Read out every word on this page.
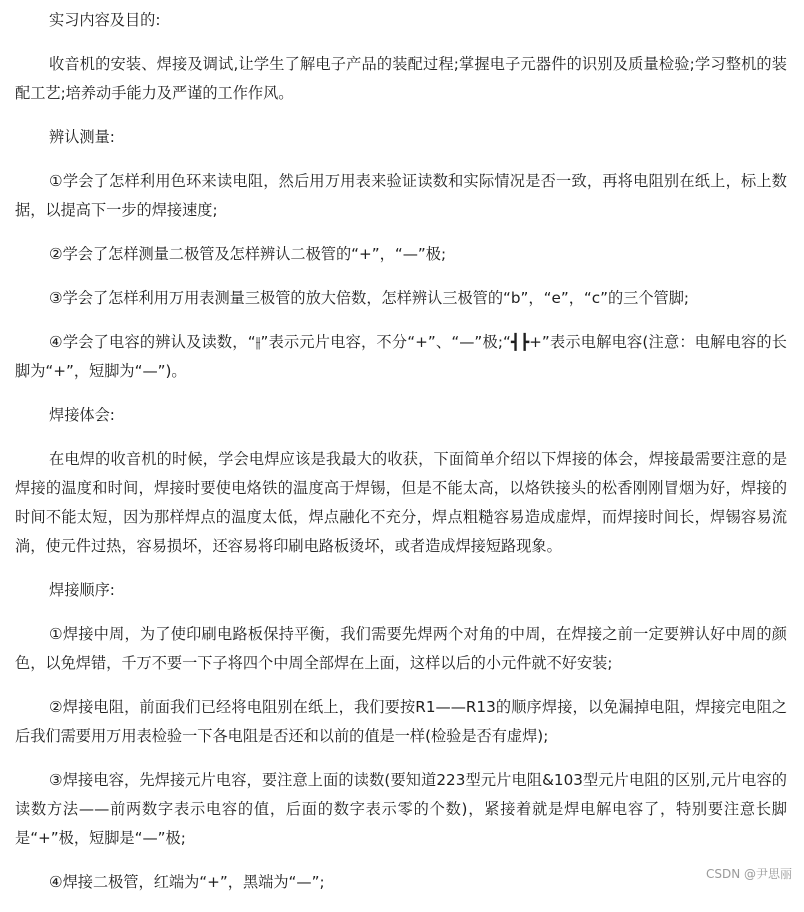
实习内容及目的:

收音机的安装、焊接及调试,让学生了解电子产品的装配过程;掌握电子元器件的识别及质量检验;学习整机的装配工艺;培养动手能力及严谨的工作作风。

辨认测量:

①学会了怎样利用色环来读电阻，然后用万用表来验证读数和实际情况是否一致，再将电阻别在纸上，标上数据，以提高下一步的焊接速度;

②学会了怎样测量二极管及怎样辨认二极管的“+”，“—”极;

③学会了怎样利用万用表测量三极管的放大倍数，怎样辨认三极管的“b”，“e”，“c”的三个管脚;

④学会了电容的辨认及读数，“⫲”表示元片电容，不分“+”、“—”极;“┫┣+”表示电解电容(注意：电解电容的长脚为“+”，短脚为“—”)。

焊接体会:

在电焊的收音机的时候，学会电焊应该是我最大的收获，下面简单介绍以下焊接的体会，焊接最需要注意的是焊接的温度和时间，焊接时要使电烙铁的温度高于焊锡，但是不能太高，以烙铁接头的松香刚刚冒烟为好，焊接的时间不能太短，因为那样焊点的温度太低，焊点融化不充分，焊点粗糙容易造成虚焊，而焊接时间长，焊锡容易流淌，使元件过热，容易损坏，还容易将印刷电路板烫坏，或者造成焊接短路现象。

焊接顺序:

①焊接中周，为了使印刷电路板保持平衡，我们需要先焊两个对角的中周，在焊接之前一定要辨认好中周的颜色，以免焊错，千万不要一下子将四个中周全部焊在上面，这样以后的小元件就不好安装;

②焊接电阻，前面我们已经将电阻别在纸上，我们要按R1——R13的顺序焊接，以免漏掉电阻，焊接完电阻之后我们需要用万用表检验一下各电阻是否还和以前的值是一样(检验是否有虚焊);

③焊接电容，先焊接元片电容，要注意上面的读数(要知道223型元片电阻&103型元片电阻的区别,元片电容的读数方法——前两数字表示电容的值，后面的数字表示零的个数)，紧接着就是焊电解电容了，特别要注意长脚是“+”极，短脚是“—”极;

④焊接二极管，红端为“+”，黑端为“—”;	CSDN @尹思丽
